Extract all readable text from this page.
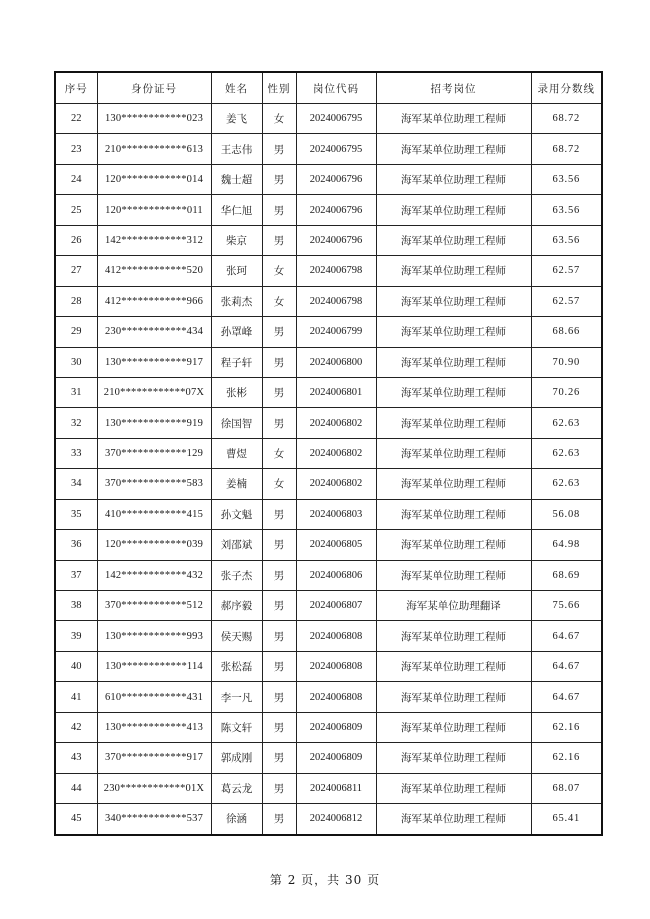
序号	身份证号	姓名	性别	岗位代码	招考岗位	录用分数线
22	130************023	姜飞	女	2024006795	海军某单位助理工程师	68.72
23	210************613	王志伟	男	2024006795	海军某单位助理工程师	68.72
24	120************014	魏士超	男	2024006796	海军某单位助理工程师	63.56
25	120************011	华仁旭	男	2024006796	海军某单位助理工程师	63.56
26	142************312	柴京	男	2024006796	海军某单位助理工程师	63.56
27	412************520	张珂	女	2024006798	海军某单位助理工程师	62.57
28	412************966	张莉杰	女	2024006798	海军某单位助理工程师	62.57
29	230************434	孙罩峰	男	2024006799	海军某单位助理工程师	68.66
30	130************917	程子轩	男	2024006800	海军某单位助理工程师	70.90
31	210************07X	张彬	男	2024006801	海军某单位助理工程师	70.26
32	130************919	徐国智	男	2024006802	海军某单位助理工程师	62.63
33	370************129	曹煜	女	2024006802	海军某单位助理工程师	62.63
34	370************583	姜楠	女	2024006802	海军某单位助理工程师	62.63
35	410************415	孙文魁	男	2024006803	海军某单位助理工程师	56.08
36	120************039	刘邵斌	男	2024006805	海军某单位助理工程师	64.98
37	142************432	张子杰	男	2024006806	海军某单位助理工程师	68.69
38	370************512	郝序毅	男	2024006807	海军某单位助理翻译	75.66
39	130************993	侯天赐	男	2024006808	海军某单位助理工程师	64.67
40	130************114	张松磊	男	2024006808	海军某单位助理工程师	64.67
41	610************431	李一凡	男	2024006808	海军某单位助理工程师	64.67
42	130************413	陈文轩	男	2024006809	海军某单位助理工程师	62.16
43	370************917	郭成刚	男	2024006809	海军某单位助理工程师	62.16
44	230************01X	葛云龙	男	2024006811	海军某单位助理工程师	68.07
45	340************537	徐涵	男	2024006812	海军某单位助理工程师	65.41
第 2 页，共 30 页
